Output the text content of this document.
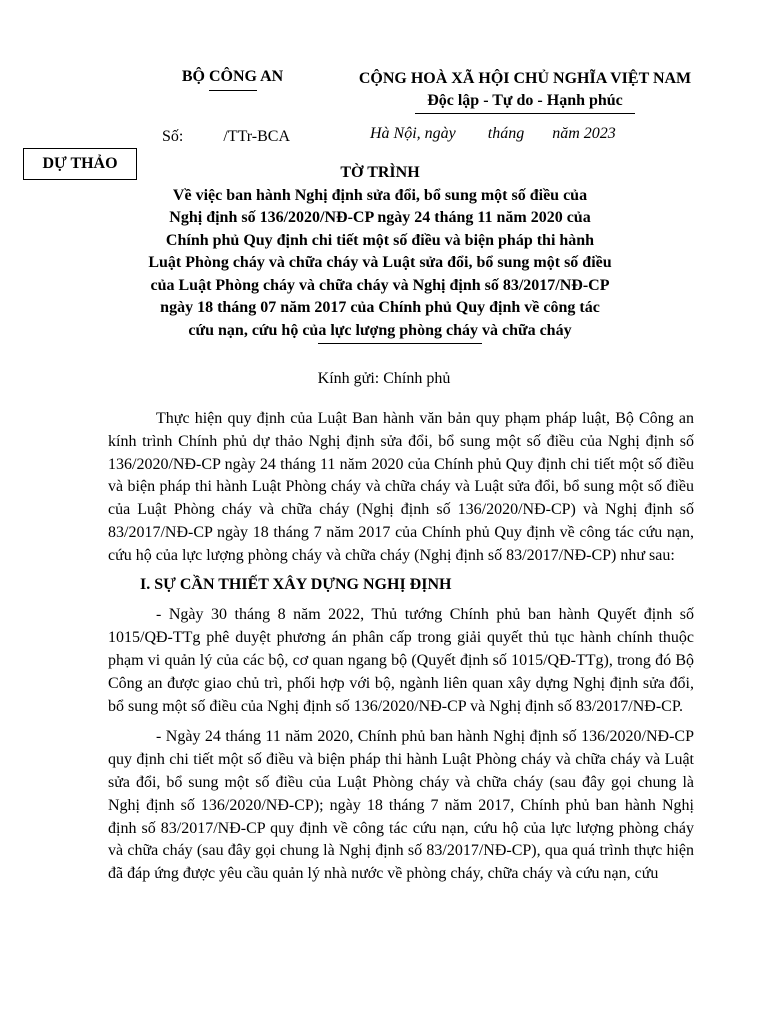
BỘ CÔNG AN	CỘNG HOÀ XÃ HỘI CHỦ NGHĨA VIỆT NAM
Độc lập - Tự do - Hạnh phúc
Số:	/TTr-BCA	Hà Nội, ngày tháng năm 2023
DỰ THẢO
TỜ TRÌNH
Về việc ban hành Nghị định sửa đổi, bổ sung một số điều của
Nghị định số 136/2020/NĐ-CP ngày 24 tháng 11 năm 2020 của
Chính phủ Quy định chi tiết một số điều và biện pháp thi hành
Luật Phòng cháy và chữa cháy và Luật sửa đổi, bổ sung một số điều
của Luật Phòng cháy và chữa cháy và Nghị định số 83/2017/NĐ-CP
ngày 18 tháng 07 năm 2017 của Chính phủ Quy định về công tác
cứu nạn, cứu hộ của lực lượng phòng cháy và chữa cháy
Kính gửi: Chính phủ

Thực hiện quy định của Luật Ban hành văn bản quy phạm pháp luật, Bộ Công an kính trình Chính phủ dự thảo Nghị định sửa đổi, bổ sung một số điều của Nghị định số 136/2020/NĐ-CP ngày 24 tháng 11 năm 2020 của Chính phủ Quy định chi tiết một số điều và biện pháp thi hành Luật Phòng cháy và chữa cháy và Luật sửa đổi, bổ sung một số điều của Luật Phòng cháy và chữa cháy (Nghị định số 136/2020/NĐ-CP) và Nghị định số 83/2017/NĐ-CP ngày 18 tháng 7 năm 2017 của Chính phủ Quy định về công tác cứu nạn, cứu hộ của lực lượng phòng cháy và chữa cháy (Nghị định số 83/2017/NĐ-CP) như sau:

I. SỰ CẦN THIẾT XÂY DỰNG NGHỊ ĐỊNH

- Ngày 30 tháng 8 năm 2022, Thủ tướng Chính phủ ban hành Quyết định số 1015/QĐ-TTg phê duyệt phương án phân cấp trong giải quyết thủ tục hành chính thuộc phạm vi quản lý của các bộ, cơ quan ngang bộ (Quyết định số 1015/QĐ-TTg), trong đó Bộ Công an được giao chủ trì, phối hợp với bộ, ngành liên quan xây dựng Nghị định sửa đổi, bổ sung một số điều của Nghị định số 136/2020/NĐ-CP và Nghị định số 83/2017/NĐ-CP.

- Ngày 24 tháng 11 năm 2020, Chính phủ ban hành Nghị định số 136/2020/NĐ-CP quy định chi tiết một số điều và biện pháp thi hành Luật Phòng cháy và chữa cháy và Luật sửa đổi, bổ sung một số điều của Luật Phòng cháy và chữa cháy (sau đây gọi chung là Nghị định số 136/2020/NĐ-CP); ngày 18 tháng 7 năm 2017, Chính phủ ban hành Nghị định số 83/2017/NĐ-CP quy định về công tác cứu nạn, cứu hộ của lực lượng phòng cháy và chữa cháy (sau đây gọi chung là Nghị định số 83/2017/NĐ-CP), qua quá trình thực hiện đã đáp ứng được yêu cầu quản lý nhà nước về phòng cháy, chữa cháy và cứu nạn, cứu
